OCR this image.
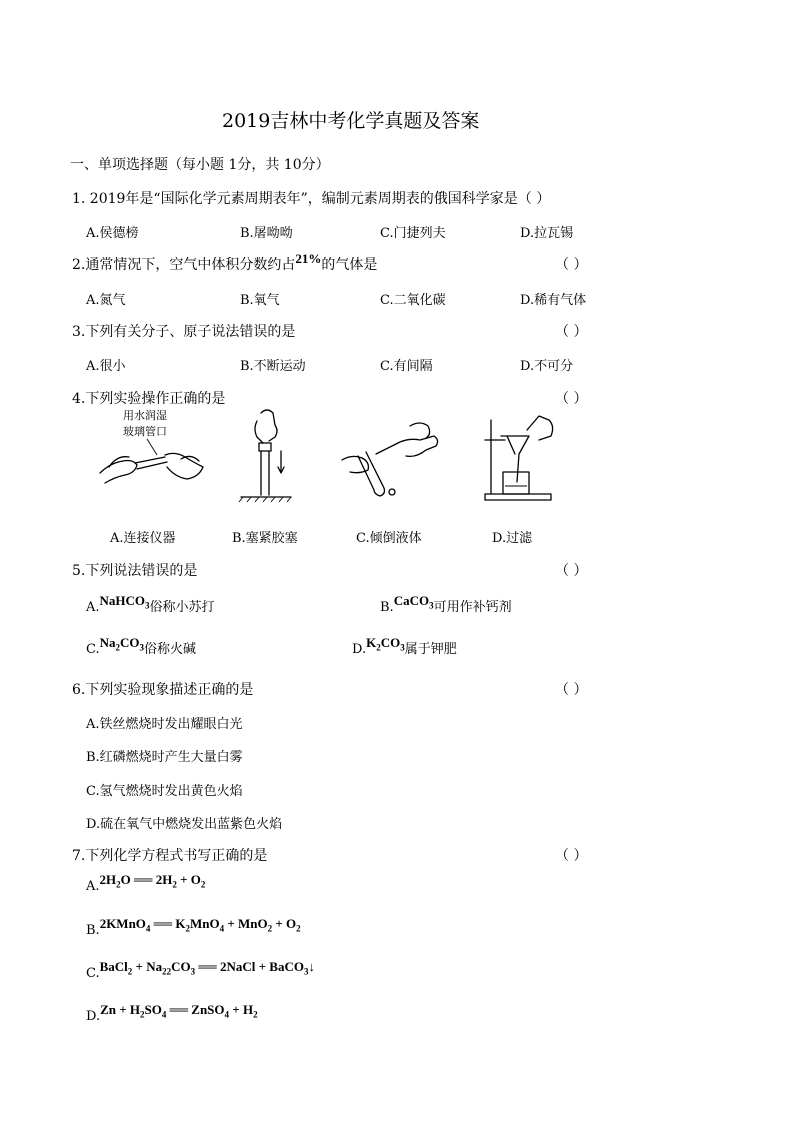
2019吉林中考化学真题及答案
一、单项选择题（每小题 1分，共 10分）
1. 2019年是“国际化学元素周期表年”，编制元素周期表的俄国科学家是（ ）
A.侯德榜	B.屠呦呦	C.门捷列夫	D.拉瓦锡
2.通常情况下，空气中体积分数约占21%的气体是	（ ）
A.氮气	B.氧气	C.二氧化碳	D.稀有气体
3.下列有关分子、原子说法错误的是	（ ）
A.很小	B.不断运动	C.有间隔	D.不可分
4.下列实验操作正确的是	（ ）
用水润湿
玻璃管口
A.连接仪器	B.塞紧胶塞	C.倾倒液体	D.过滤
5.下列说法错误的是	（ ）
A.NaHCO$_3$俗称小苏打	B.CaCO$_3$可用作补钙剂
$C.Na_2CO_3$俗称火碱	$D.K_2CO_3$属于钾肥
6.下列实验现象描述正确的是	（ ）
A.铁丝燃烧时发出耀眼白光
B.红磷燃烧时产生大量白雾
C.氢气燃烧时发出黄色火焰
D.硫在氧气中燃烧发出蓝紫色火焰
7.下列化学方程式书写正确的是	（ ）
$A.2H_2O$ ══ $2H_2 + O_2$
B.2KMnO$_4$ ══ $K_2MnO_4 + MnO_2 + O_2$
C.BaCl$_2$ + $Na_{22}CO_3$ ══ 2NaCl + BaCO$_3$↓
$D.Zn + H_2SO_4$ ══ ZnSO$_4$ + $H_2$
